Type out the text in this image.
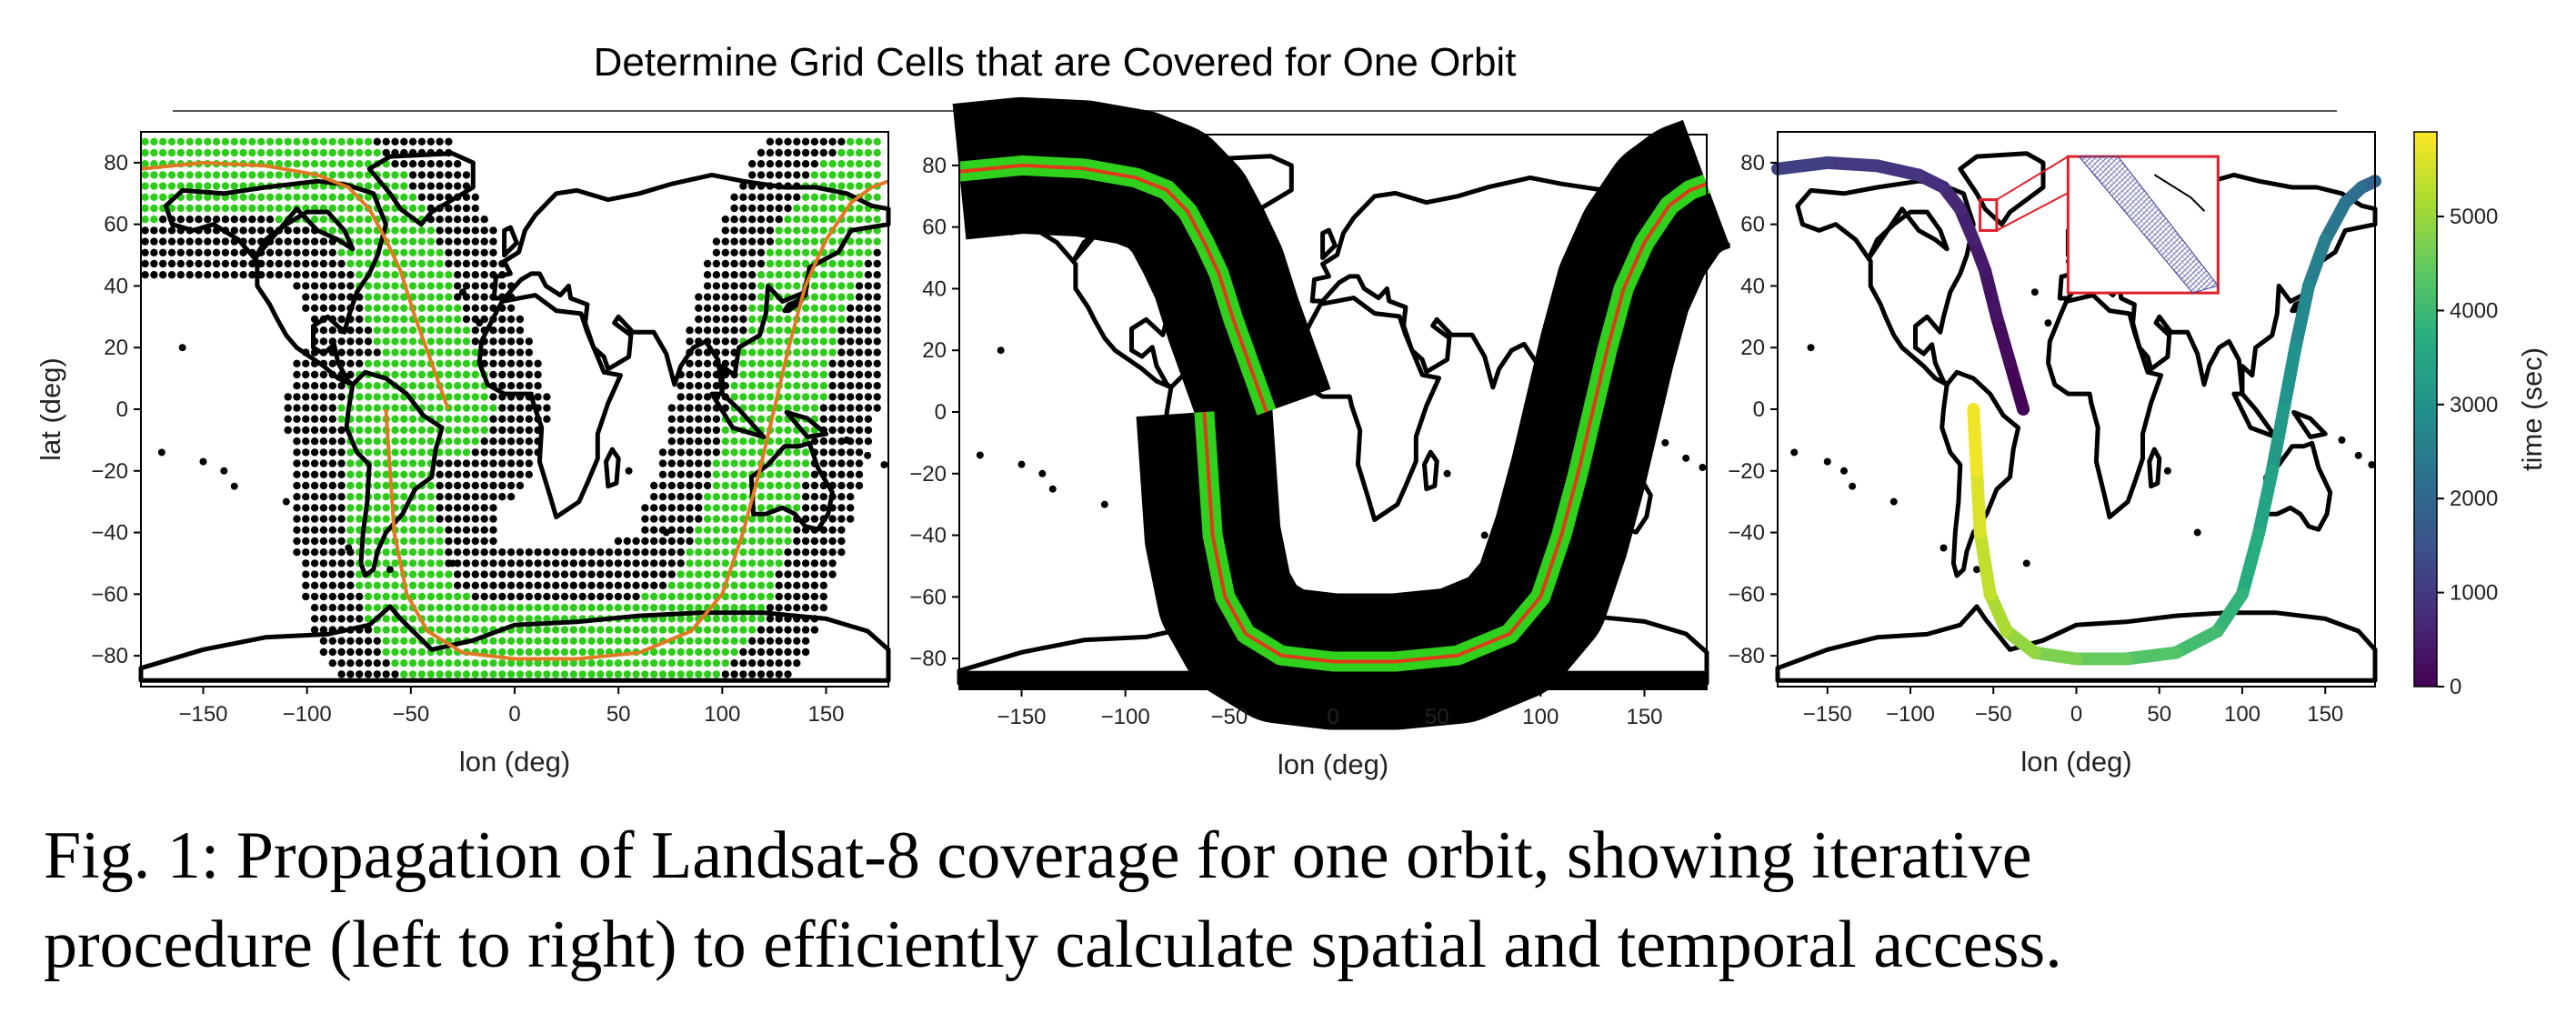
Determine Grid Cells that are Covered for One Orbit
−150	−100	−50	0	50	100	150
80
60
40
20
0
−20
−40
−60
−80
lon (deg)
lat (deg)
−150	−100	−50	0	50	100	150
80
60
40
20
0
−20
−40
−60
−80
lon (deg)
−150 −100 −50	0	50 100 150
80
60
40
20
0
−20
−40
−60
−80
lon (deg)
0
1000
2000
3000
4000
5000
time (sec)
Fig. 1: Propagation of Landsat-8 coverage for one orbit, showing iterative
procedure (left to right) to efficiently calculate spatial and temporal access.
